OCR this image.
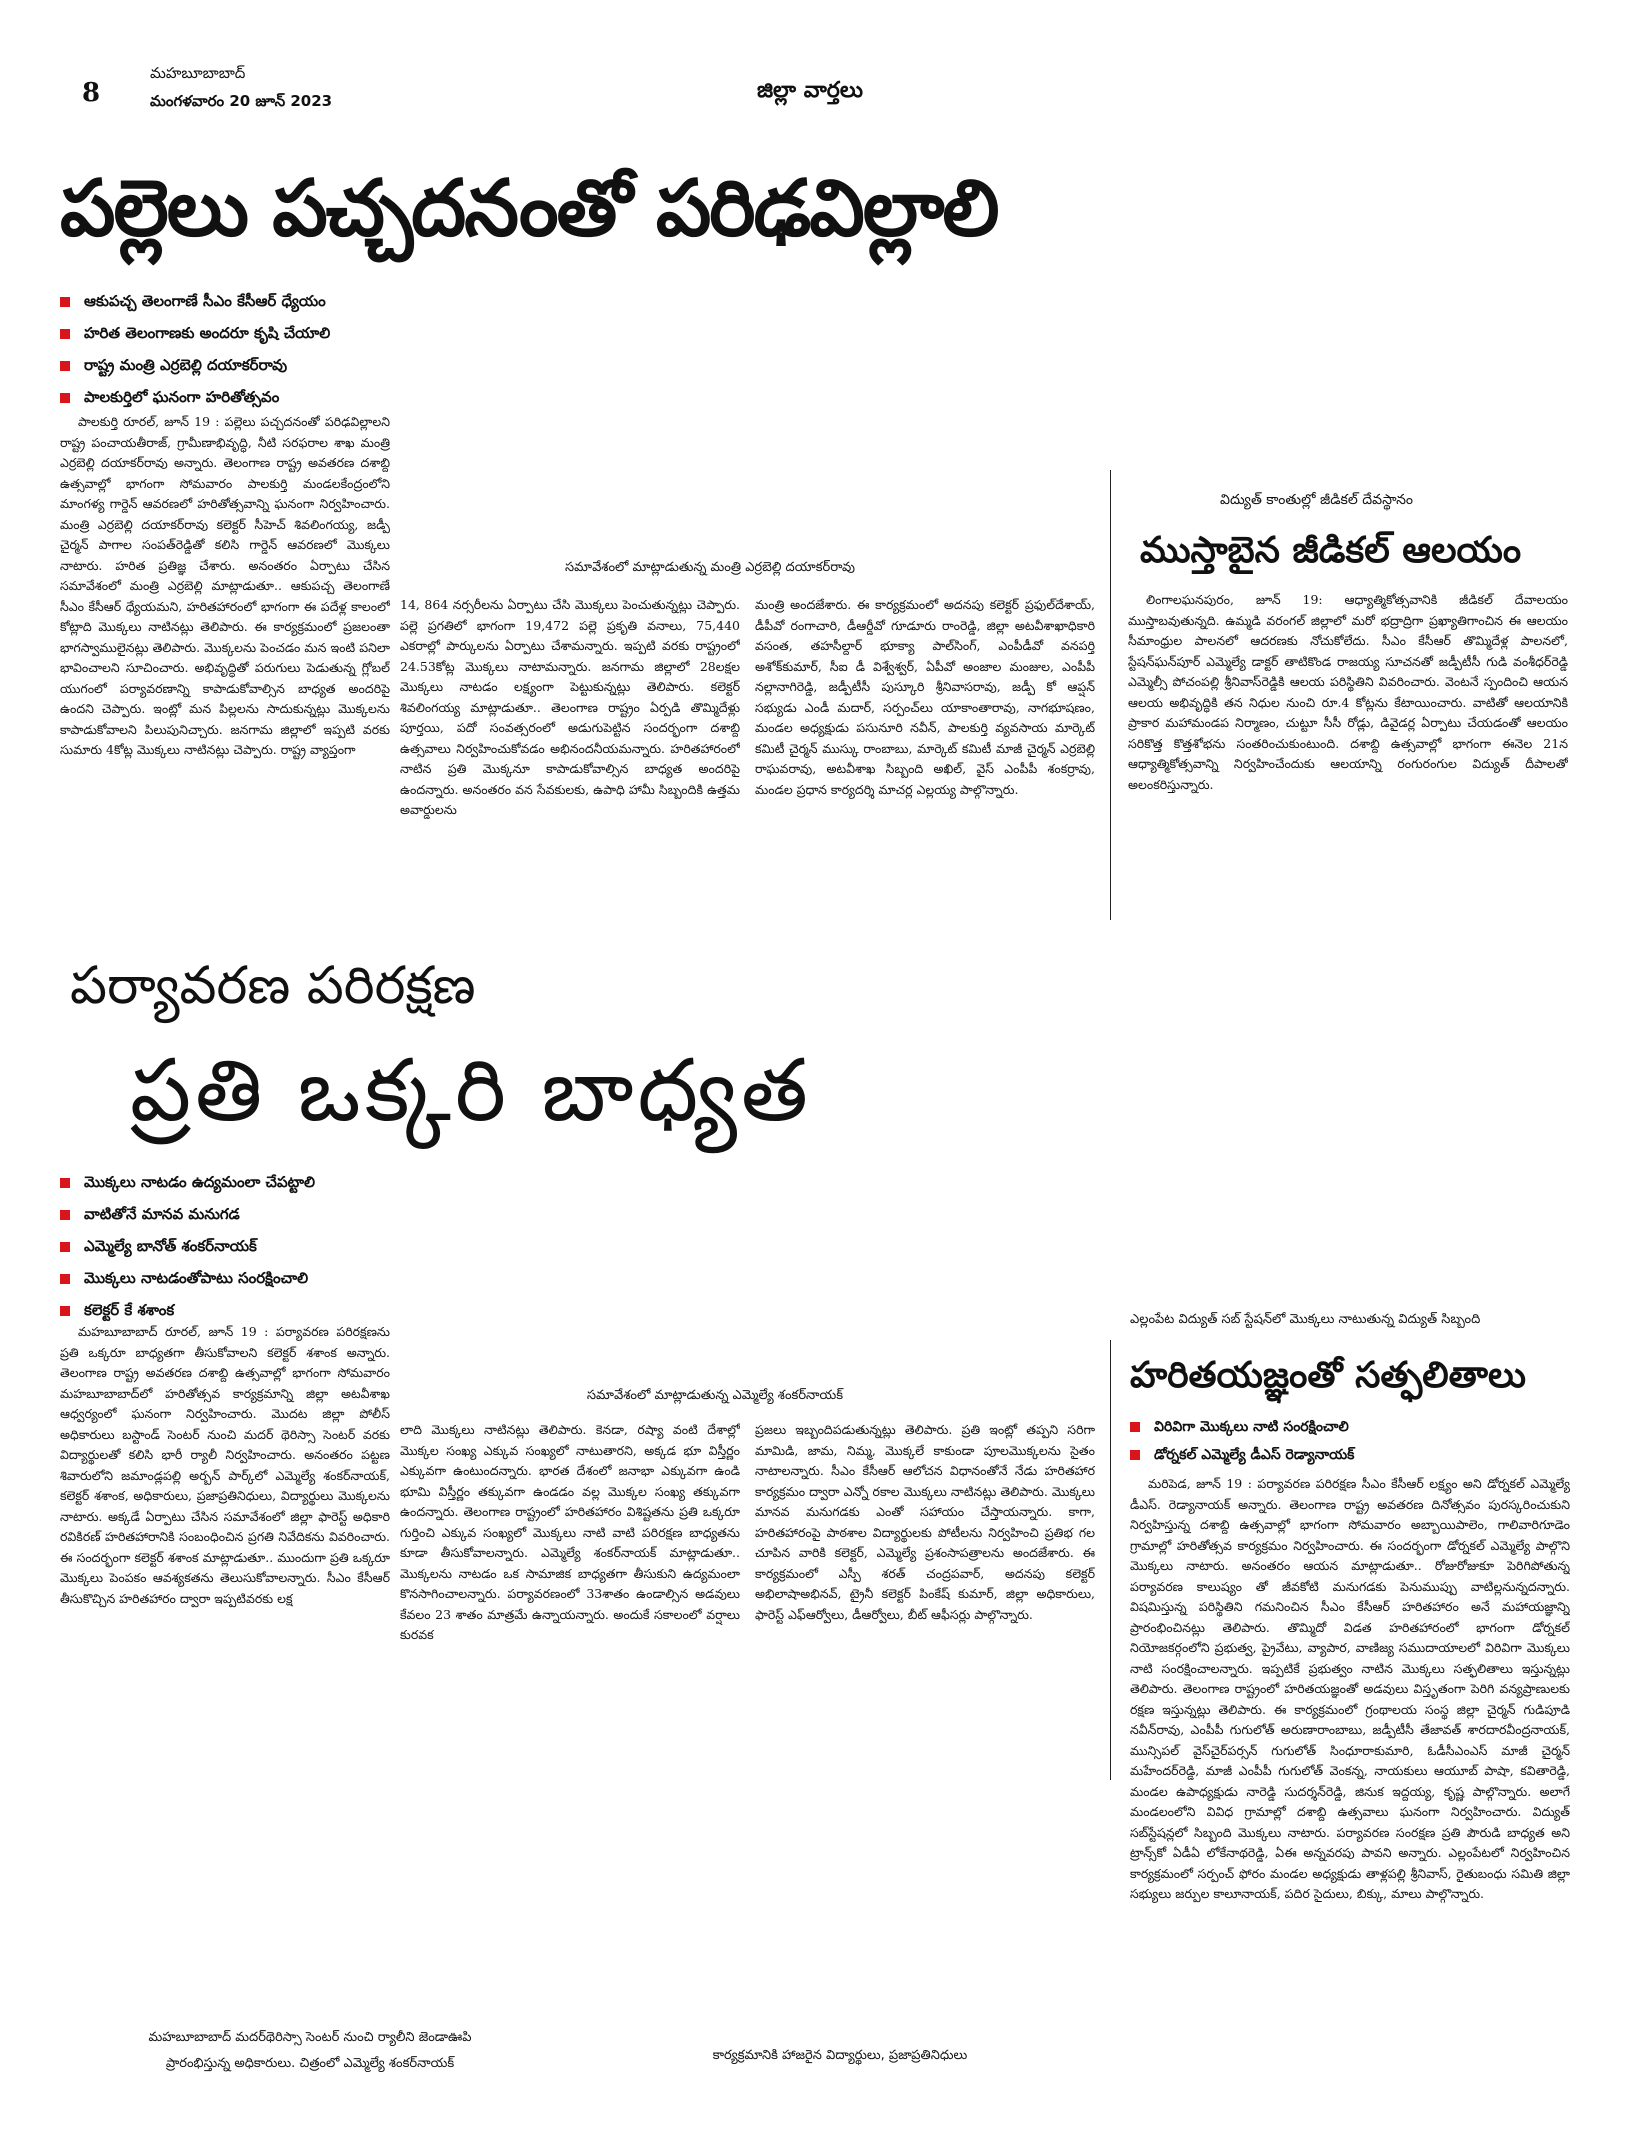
8
మహబూబాబాద్
మంగళవారం 20 జూన్ 2023	జిల్లా వార్తలు
పల్లెలు పచ్చదనంతో పరిఢవిల్లాలి
ఆకుపచ్చ తెలంగాణే సీఎం కేసీఆర్ ధ్యేయం
హరిత తెలంగాణకు అందరూ కృషి చేయాలి
రాష్ట్ర మంత్రి ఎర్రబెల్లి దయాకర్‌రావు
పాలకుర్తిలో ఘనంగా హరితోత్సవం

పాలకుర్తి రూరల్‌, జూన్‌ 19 : పల్లెలు పచ్చదనంతో పరిఢవిల్లాలని రాష్ట్ర పంచాయతీరాజ్‌, గ్రామీణాభివృద్ధి, నీటి సరఫరాల శాఖ మంత్రి ఎర్రబెల్లి దయాకర్‌రావు అన్నారు. తెలంగాణ రాష్ట్ర అవతరణ దశాబ్ది ఉత్సవాల్లో భాగంగా సోమవారం పాలకుర్తి మండలకేంద్రంలోని మాంగళ్య గార్డెన్‌ ఆవరణలో హరితోత్సవాన్ని ఘనంగా నిర్వహించారు. మంత్రి ఎర్రబెల్లి దయాకర్‌రావు కలెక్టర్‌ సీహెచ్‌ శివలింగయ్య, జడ్పీ చైర్మన్‌ పాగాల సంపత్‌రెడ్డితో కలిసి గార్డెన్‌ ఆవరణలో మొక్కలు నాటారు. హరిత ప్రతిజ్ఞ చేశారు. అనంతరం ఏర్పాటు చేసిన సమావేశంలో మంత్రి ఎర్రబెల్లి మాట్లాడుతూ.. ఆకుపచ్చ తెలంగాణే సీఎం కేసీఆర్‌ ధ్యేయమని, హరితహారంలో భాగంగా ఈ పదేళ్ల కాలంలో కోట్లాది మొక్కలు నాటినట్లు తెలిపారు. ఈ కార్యక్రమంలో ప్రజలంతా భాగస్వాములైనట్లు తెలిపారు. మొక్కలను పెంచడం మన ఇంటి పనిలా భావించాలని సూచించారు. అభివృద్ధితో పరుగులు పెడుతున్న గ్లోబల్‌ యుగంలో పర్యావరణాన్ని కాపాడుకోవాల్సిన బాధ్యత అందరిపై ఉందని చెప్పారు. ఇంట్లో మన పిల్లలను సాదుకున్నట్లు మొక్కలను కాపాడుకోవాలని పిలుపునిచ్చారు. జనగామ జిల్లాలో ఇప్పటి వరకు సుమారు 4కోట్ల మొక్కలు నాటినట్లు చెప్పారు. రాష్ట్ర వ్యాప్తంగా

సమావేశంలో మాట్లాడుతున్న మంత్రి ఎర్రబెల్లి దయాకర్‌రావు

14, 864 నర్సరీలను ఏర్పాటు చేసి మొక్కలు పెంచుతున్నట్లు చెప్పారు. పల్లె ప్రగతిలో భాగంగా 19,472 పల్లె ప్రకృతి వనాలు, 75,440 ఎకరాల్లో పార్కులను ఏర్పాటు చేశామన్నారు. ఇప్పటి వరకు రాష్ట్రంలో 24.53కోట్ల మొక్కలు నాటామన్నారు. జనగామ జిల్లాలో 28లక్షల మొక్కలు నాటడం లక్ష్యంగా పెట్టుకున్నట్లు తెలిపారు. కలెక్టర్‌ శివలింగయ్య మాట్లాడుతూ.. తెలంగాణ రాష్ట్రం ఏర్పడి తొమ్మిదేళ్లు పూర్తయి, పదో సంవత్సరంలో అడుగుపెట్టిన సందర్భంగా దశాబ్ది ఉత్సవాలు నిర్వహించుకోవడం అభినందనీయమన్నారు. హరితహారంలో నాటిన ప్రతి మొక్కనూ కాపాడుకోవాల్సిన బాధ్యత అందరిపై ఉందన్నారు. అనంతరం వన సేవకులకు, ఉపాధి హామీ సిబ్బందికి ఉత్తమ అవార్డులను

మంత్రి అందజేశారు. ఈ కార్యక్రమంలో అదనపు కలెక్టర్‌ ప్రఫుల్‌దేశాయ్‌, డీపీవో రంగాచారి, డీఆర్డీవో గూడూరు రాంరెడ్డి, జిల్లా అటవీశాఖాధికారి వసంత, తహసీల్దార్‌ భూక్యా పాల్‌సింగ్‌, ఎంపీడీవో వనపర్తి అశోక్‌కుమార్‌, సీఐ డీ విశ్వేశ్వర్‌, ఏపీవో అంజాల మంజుల, ఎంపీపీ నల్లానాగిరెడ్డి, జడ్పీటీసీ పుస్కూరి శ్రీనివాసరావు, జడ్పీ కో ఆప్షన్‌ సభ్యుడు ఎండీ మదార్‌, సర్పంచ్‌లు యాకాంతారావు, నాగభూషణం, మండల అధ్యక్షుడు పసునూరి నవీన్‌, పాలకుర్తి వ్యవసాయ మార్కెట్‌ కమిటీ చైర్మన్‌ ముస్కు రాంబాబు, మార్కెట్‌ కమిటీ మాజీ చైర్మన్‌ ఎర్రబెల్లి రాఘవరావు, అటవీశాఖ సిబ్బంది అఖిల్‌, వైస్‌ ఎంపీపీ శంకర్రావు, మండల ప్రధాన కార్యదర్శి మాచర్ల ఎల్లయ్య పాల్గొన్నారు.

విద్యుత్ కాంతుల్లో జీడికల్ దేవస్థానం
ముస్తాబైన జీడికల్ ఆలయం

లింగాలఘనపురం, జూన్‌ 19: ఆధ్యాత్మికోత్సవానికి జీడికల్‌ దేవాలయం ముస్తాబవుతున్నది. ఉమ్మడి వరంగల్‌ జిల్లాలో మరో భద్రాద్రిగా ప్రఖ్యాతిగాంచిన ఈ ఆలయం సీమాంధ్రుల పాలనలో ఆదరణకు నోచుకోలేదు. సీఎం కేసీఆర్‌ తొమ్మిదేళ్ల పాలనలో, స్టేషన్‌ఘన్‌పూర్‌ ఎమ్మెల్యే డాక్టర్‌ తాటికొండ రాజయ్య సూచనతో జడ్పీటీసీ గుడి వంశీధర్‌రెడ్డి ఎమ్మెల్సీ పోచంపల్లి శ్రీనివాస్‌రెడ్డికి ఆలయ పరిస్థితిని వివరించారు. వెంటనే స్పందించి ఆయన ఆలయ అభివృద్ధికి తన నిధుల నుంచి రూ.4 కోట్లను కేటాయించారు. వాటితో ఆలయానికి ప్రాకార మహామండప నిర్మాణం, చుట్టూ సీసీ రోడ్లు, డివైడర్ల ఏర్పాటు చేయడంతో ఆలయం సరికొత్త కొత్తశోభను సంతరించుకుంటుంది. దశాబ్ది ఉత్సవాల్లో భాగంగా ఈనెల 21న ఆధ్యాత్మికోత్సవాన్ని నిర్వహించేందుకు ఆలయాన్ని రంగురంగుల విద్యుత్‌ దీపాలతో అలంకరిస్తున్నారు.

పర్యావరణ పరిరక్షణ
ప్రతి ఒక్కరి బాధ్యత
మొక్కలు నాటడం ఉద్యమంలా చేపట్టాలి
వాటితోనే మానవ మనుగడ
ఎమ్మెల్యే బానోత్ శంకర్‌నాయక్
మొక్కలు నాటడంతోపాటు సంరక్షించాలి
కలెక్టర్ కే శశాంక

మహబూబాబాద్‌ రూరల్‌, జూన్‌ 19 : పర్యావరణ పరిరక్షణను ప్రతి ఒక్కరూ బాధ్యతగా తీసుకోవాలని కలెక్టర్‌ శశాంక అన్నారు. తెలంగాణ రాష్ట్ర అవతరణ దశాబ్ది ఉత్సవాల్లో భాగంగా సోమవారం మహబూబాబాద్‌లో హరితోత్సవ కార్యక్రమాన్ని జిల్లా అటవీశాఖ ఆధ్వర్యంలో ఘనంగా నిర్వహించారు. మొదట జిల్లా పోలీస్‌ అధికారులు బస్టాండ్‌ సెంటర్‌ నుంచి మదర్‌ థెరిస్సా సెంటర్‌ వరకు విద్యార్థులతో కలిసి భారీ ర్యాలీ నిర్వహించారు. అనంతరం పట్టణ శివారులోని జమాండ్లపల్లి అర్బన్‌ పార్క్‌లో ఎమ్మెల్యే శంకర్‌నాయక్‌, కలెక్టర్‌ శశాంక, అధికారులు, ప్రజాప్రతినిధులు, విద్యార్థులు మొక్కలను నాటారు. అక్కడే ఏర్పాటు చేసిన సమావేశంలో జిల్లా ఫారెస్ట్‌ అధికారి రవికిరణ్‌ హరితహారానికి సంబంధించిన ప్రగతి నివేదికను వివరించారు. ఈ సందర్భంగా కలెక్టర్‌ శశాంక మాట్లాడుతూ.. ముందుగా ప్రతి ఒక్కరూ మొక్కలు పెంపకం ఆవశ్యకతను తెలుసుకోవాలన్నారు. సీఎం కేసీఆర్‌ తీసుకొచ్చిన హరితహారం ద్వారా ఇప్పటివరకు లక్ష

సమావేశంలో మాట్లాడుతున్న ఎమ్మెల్యే శంకర్‌నాయక్

లాది మొక్కలు నాటినట్లు తెలిపారు. కెనడా, రష్యా వంటి దేశాల్లో మొక్కల సంఖ్య ఎక్కువ సంఖ్యలో నాటుతారని, అక్కడ భూ విస్తీర్ణం ఎక్కువగా ఉంటుందన్నారు. భారత దేశంలో జనాభా ఎక్కువగా ఉండి భూమి విస్తీర్ణం తక్కువగా ఉండడం వల్ల మొక్కల సంఖ్య తక్కువగా ఉందన్నారు. తెలంగాణ రాష్ట్రంలో హరితహారం విశిష్టతను ప్రతి ఒక్కరూ గుర్తించి ఎక్కువ సంఖ్యలో మొక్కలు నాటి వాటి పరిరక్షణ బాధ్యతను కూడా తీసుకోవాలన్నారు. ఎమ్మెల్యే శంకర్‌నాయక్‌ మాట్లాడుతూ.. మొక్కలను నాటడం ఒక సామాజిక బాధ్యతగా తీసుకుని ఉద్యమంలా కొనసాగించాలన్నారు. పర్యావరణంలో 33శాతం ఉండాల్సిన అడవులు కేవలం 23 శాతం మాత్రమే ఉన్నాయన్నారు. అందుకే సకాలంలో వర్షాలు కురవక

ప్రజలు ఇబ్బందిపడుతున్నట్లు తెలిపారు. ప్రతి ఇంట్లో తప్పని సరిగా మామిడి, జామ, నిమ్మ, మొక్కలే కాకుండా పూలమొక్కలను సైతం నాటాలన్నారు. సీఎం కేసీఆర్‌ ఆలోచన విధానంతోనే నేడు హరితహార కార్యక్రమం ద్వారా ఎన్నో రకాల మొక్కలు నాటినట్లు తెలిపారు. మొక్కలు మానవ మనుగడకు ఎంతో సహాయం చేస్తాయన్నారు. కాగా, హరితహారంపై పాఠశాల విద్యార్థులకు పోటీలను నిర్వహించి ప్రతిభ గల చూపిన వారికి కలెక్టర్‌, ఎమ్మెల్యే ప్రశంసాపత్రాలను అందజేశారు. ఈ కార్యక్రమంలో ఎస్పీ శరత్‌ చంద్రపవార్‌, అదనపు కలెక్టర్‌ అభిలాషాఅభినవ్‌, ట్రైనీ కలెక్టర్‌ పింకేష్‌ కుమార్‌, జిల్లా అధికారులు, ఫారెస్ట్‌ ఎఫ్‌ఆర్వోలు, డీఆర్వోలు, బీట్‌ ఆఫీసర్లు పాల్గొన్నారు.

మహబూబాబాద్ మదర్‌థెరిస్సా సెంటర్ నుంచి ర్యాలీని జెండాఊపి
ప్రారంభిస్తున్న అధికారులు. చిత్రంలో ఎమ్మెల్యే శంకర్‌నాయక్
కార్యక్రమానికి హాజరైన విద్యార్థులు, ప్రజాప్రతినిధులు
ఎల్లంపేట విద్యుత్ సబ్ స్టేషన్‌లో మొక్కలు నాటుతున్న విద్యుత్ సిబ్బంది
హరితయజ్ఞంతో సత్ఫలితాలు
విరివిగా మొక్కలు నాటి సంరక్షించాలి
డోర్నకల్ ఎమ్మెల్యే డీఎస్ రెడ్యానాయక్

మరిపెడ, జూన్‌ 19 : పర్యావరణ పరిరక్షణ సీఎం కేసీఆర్‌ లక్ష్యం అని డోర్నకల్‌ ఎమ్మెల్యే డీఎస్‌. రెడ్యానాయక్‌ అన్నారు. తెలంగాణ రాష్ట్ర అవతరణ దినోత్సవం పురస్కరించుకుని నిర్వహిస్తున్న దశాబ్ది ఉత్సవాల్లో భాగంగా సోమవారం అబ్బాయిపాలెం, గాలివారిగూడెం గ్రామాల్లో హరితోత్సవ కార్యక్రమం నిర్వహించారు. ఈ సందర్భంగా డోర్నకల్‌ ఎమ్మెల్యే పాల్గొని మొక్కలు నాటారు. అనంతరం ఆయన మాట్లాడుతూ.. రోజురోజుకూ పెరిగిపోతున్న పర్యావరణ కాలుష్యం తో జీవకోటి మనుగడకు పెనుముప్పు వాటిల్లనున్నదన్నారు. విషమిస్తున్న పరిస్థితిని గమనించిన సీఎం కేసీఆర్‌ హరితహారం అనే మహాయజ్ఞాన్ని ప్రారంభించినట్లు తెలిపారు. తొమ్మిదో విడత హరితహారంలో భాగంగా డోర్నకల్‌ నియోజకర్గంలోని ప్రభుత్వ, ప్రైవేటు, వ్యాపార, వాణిజ్య సముదాయాలలో విరివిగా మొక్కలు నాటి సంరక్షించాలన్నారు. ఇప్పటికే ప్రభుత్వం నాటిన మొక్కలు సత్ఫలితాలు ఇస్తున్నట్లు తెలిపారు. తెలంగాణ రాష్ట్రంలో హరితయజ్ఞంతో అడవులు విస్తృతంగా పెరిగి వన్యప్రాణులకు రక్షణ ఇస్తున్నట్లు తెలిపారు. ఈ కార్యక్రమంలో గ్రంథాలయ సంస్థ జిల్లా చైర్మన్‌ గుడిపూడి నవీన్‌రావు, ఎంపీపీ గుగులోత్‌ అరుణారాంబాబు, జడ్పీటీసీ తేజావత్‌ శారదారవీంద్రనాయక్‌, మున్సిపల్‌ వైస్‌చైర్‌పర్సన్‌ గుగులోత్‌ సింధూరాకుమారి, ఓడీసీఎంఎస్‌ మాజీ చైర్మన్‌ మహేందర్‌రెడ్డి, మాజీ ఎంపీపీ గుగులోత్‌ వెంకన్న, నాయకులు ఆయూబ్‌ పాషా, కవితారెడ్డి, మండల ఉపాధ్యక్షుడు నారెడ్డి సుదర్శన్‌రెడ్డి, జినుక ఇద్దయ్య, కృష్ణ పాల్గొన్నారు. అలాగే మండలంలోని వివిధ గ్రామాల్లో దశాబ్ది ఉత్సవాలు ఘనంగా నిర్వహించారు. విద్యుత్‌ సబ్‌స్టేషన్లలో సిబ్బంది మొక్కలు నాటారు. పర్యావరణ సంరక్షణ ప్రతి పౌరుడి బాధ్యత అని ట్రాన్స్‌కో ఏడీఏ లోకేనాథరెడ్డి, ఏఈ అన్నవరపు పావని అన్నారు. ఎల్లంపేటలో నిర్వహించిన కార్యక్రమంలో సర్పంచ్‌ ఫోరం మండల అధ్యక్షుడు తాళ్లపల్లి శ్రీనివాస్‌, రైతుబంధు సమితి జిల్లా సభ్యులు జర్పుల కాలూనాయక్‌, పదిర సైదులు, బిక్కు, మాలు పాల్గొన్నారు.
